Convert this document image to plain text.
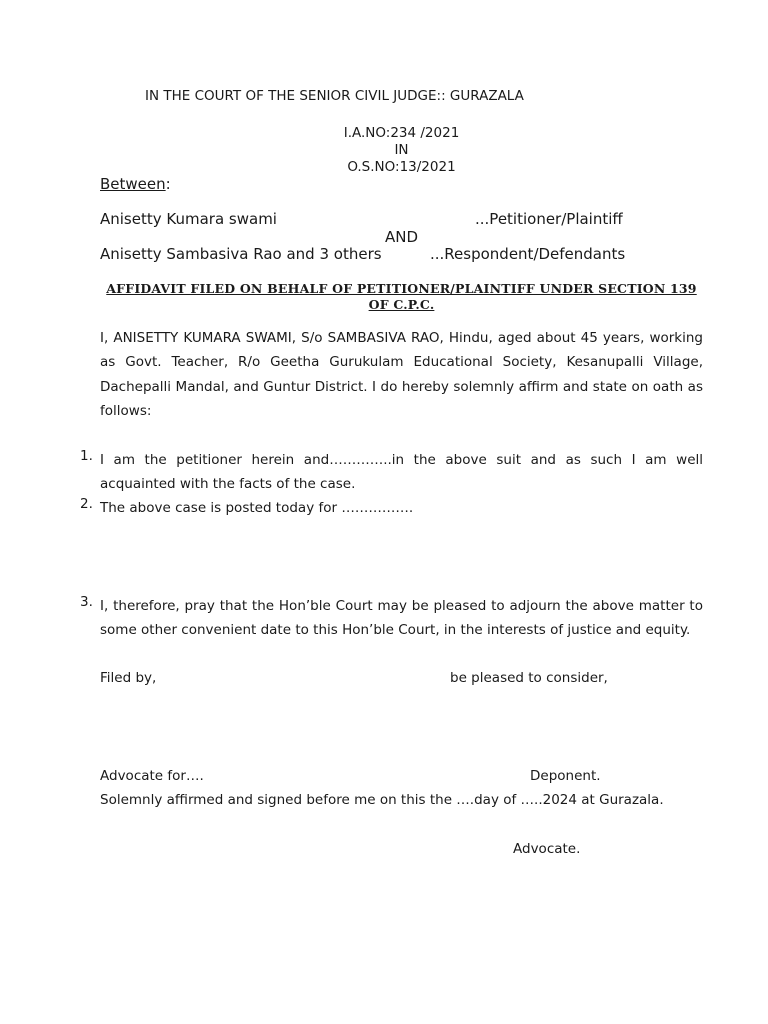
IN THE COURT OF THE SENIOR CIVIL JUDGE:: GURAZALA
I.A.NO:234 /2021
IN
O.S.NO:13/2021
Between:
Anisetty Kumara swami	...Petitioner/Plaintiff
AND
Anisetty Sambasiva Rao and 3 others	...Respondent/Defendants
AFFIDAVIT FILED ON BEHALF OF PETITIONER/PLAINTIFF UNDER SECTION 139 OF C.P.C.
I, ANISETTY KUMARA SWAMI, S/o SAMBASIVA RAO, Hindu, aged about 45 years, working as Govt. Teacher, R/o Geetha Gurukulam Educational Society, Kesanupalli Village, Dachepalli Mandal, and Guntur District. I do hereby solemnly affirm and state on oath as follows:
1. I am the petitioner herein and…………..in the above suit and as such I am well acquainted with the facts of the case.
2. The above case is posted today for …………….
3. I, therefore, pray that the Hon’ble Court may be pleased to adjourn the above matter to some other convenient date to this Hon’ble Court, in the interests of justice and equity.
Filed by,	be pleased to consider,
Advocate for….	Deponent.
Solemnly affirmed and signed before me on this the ….day of …..2024 at Gurazala.
Advocate.
